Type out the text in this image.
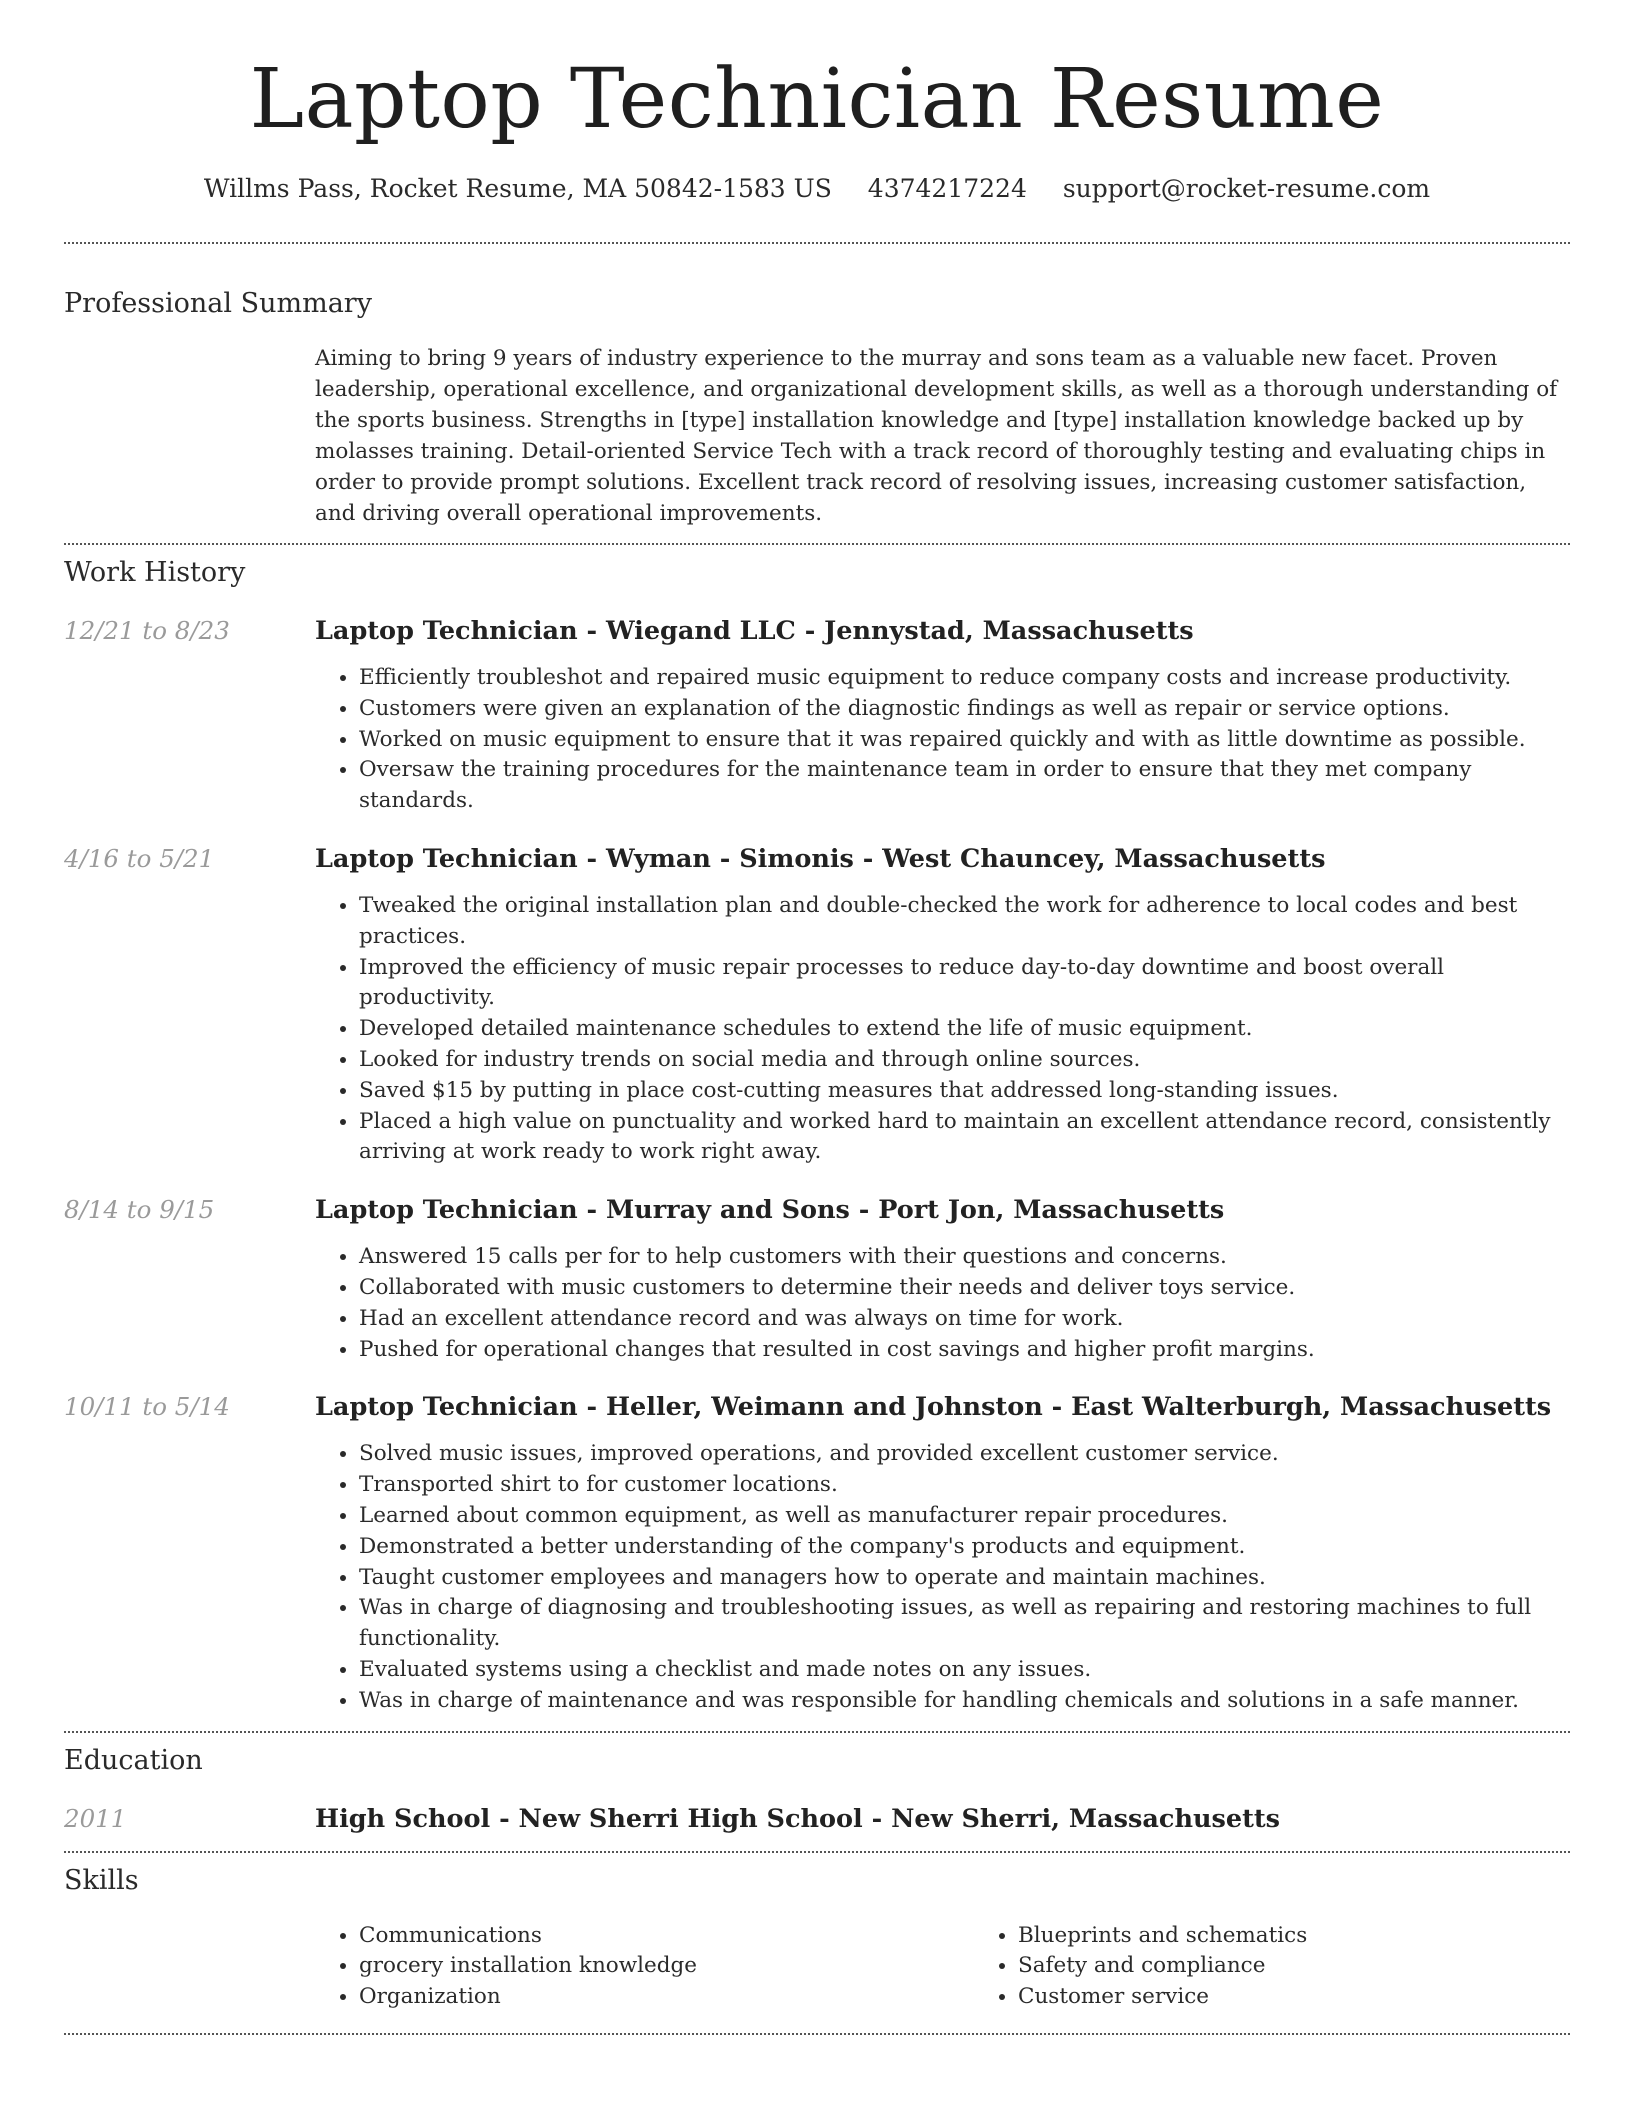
Laptop Technician Resume
Willms Pass, Rocket Resume, MA 50842-1583 US 4374217224 support@rocket-resume.com
Professional Summary

Aiming to bring 9 years of industry experience to the murray and sons team as a valuable new facet. Proven leadership, operational excellence, and organizational development skills, as well as a thorough understanding of the sports business. Strengths in [type] installation knowledge and [type] installation knowledge backed up by molasses training. Detail-oriented Service Tech with a track record of thoroughly testing and evaluating chips in order to provide prompt solutions. Excellent track record of resolving issues, increasing customer satisfaction, and driving overall operational improvements.

Work History
12/21 to 8/23	Laptop Technician - Wiegand LLC - Jennystad, Massachusetts
• Efficiently troubleshot and repaired music equipment to reduce company costs and increase productivity.
• Customers were given an explanation of the diagnostic findings as well as repair or service options.
• Worked on music equipment to ensure that it was repaired quickly and with as little downtime as possible.
• Oversaw the training procedures for the maintenance team in order to ensure that they met company standards.
4/16 to 5/21	Laptop Technician - Wyman - Simonis - West Chauncey, Massachusetts
• Tweaked the original installation plan and double-checked the work for adherence to local codes and best practices.
• Improved the efficiency of music repair processes to reduce day-to-day downtime and boost overall productivity.
• Developed detailed maintenance schedules to extend the life of music equipment.
• Looked for industry trends on social media and through online sources.
• Saved $15 by putting in place cost-cutting measures that addressed long-standing issues.
• Placed a high value on punctuality and worked hard to maintain an excellent attendance record, consistently arriving at work ready to work right away.
8/14 to 9/15	Laptop Technician - Murray and Sons - Port Jon, Massachusetts
• Answered 15 calls per for to help customers with their questions and concerns.
• Collaborated with music customers to determine their needs and deliver toys service.
• Had an excellent attendance record and was always on time for work.
• Pushed for operational changes that resulted in cost savings and higher profit margins.
10/11 to 5/14	Laptop Technician - Heller, Weimann and Johnston - East Walterburgh, Massachusetts
• Solved music issues, improved operations, and provided excellent customer service.
• Transported shirt to for customer locations.
• Learned about common equipment, as well as manufacturer repair procedures.
• Demonstrated a better understanding of the company's products and equipment.
• Taught customer employees and managers how to operate and maintain machines.
• Was in charge of diagnosing and troubleshooting issues, as well as repairing and restoring machines to full functionality.
• Evaluated systems using a checklist and made notes on any issues.
• Was in charge of maintenance and was responsible for handling chemicals and solutions in a safe manner.
Education
2011	High School - New Sherri High School - New Sherri, Massachusetts
Skills
• Communications
• grocery installation knowledge
• Organization
• Blueprints and schematics
• Safety and compliance
• Customer service
